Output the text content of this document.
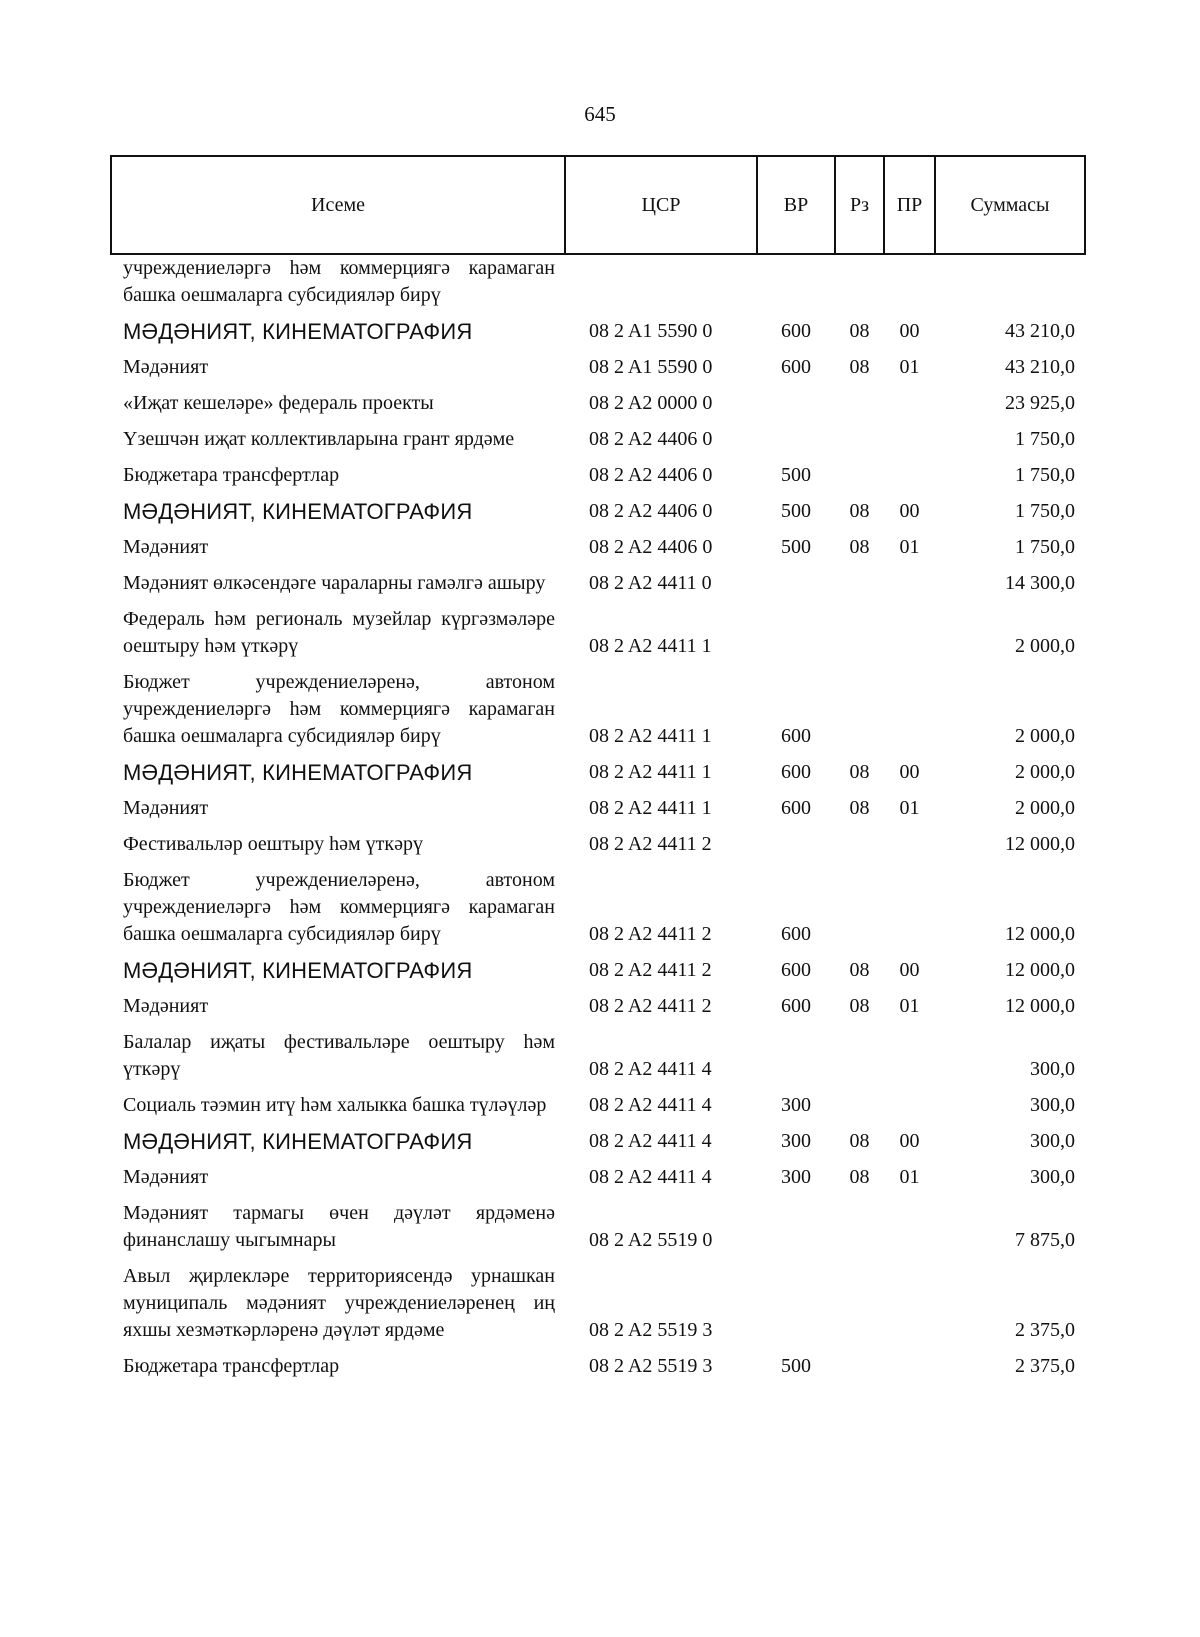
645
Исеме	ЦСР	ВР	Рз	ПР	Суммасы
учреждениеләргә һәм коммерциягә карамаган башка оешмаларга субсидияләр бирү					
МӘДӘНИЯТ, КИНЕМАТОГРАФИЯ	08 2 A1 5590 0	600	08	00	43 210,0
Мәдәният	08 2 A1 5590 0	600	08	01	43 210,0
«Иҗат кешеләре» федераль проекты	08 2 A2 0000 0				23 925,0
Үзешчән иҗат коллективларына грант ярдәме	08 2 A2 4406 0				1 750,0
Бюджетара трансфертлар	08 2 A2 4406 0	500			1 750,0
МӘДӘНИЯТ, КИНЕМАТОГРАФИЯ	08 2 A2 4406 0	500	08	00	1 750,0
Мәдәният	08 2 A2 4406 0	500	08	01	1 750,0
Мәдәният өлкәсендәге чараларны гамәлгә ашыру	08 2 A2 4411 0				14 300,0
Федераль һәм региональ музейлар күргәзмәләре оештыру һәм үткәрү	08 2 A2 4411 1				2 000,0
Бюджет учреждениеләренә, автоном учреждениеләргә һәм коммерциягә карамаган башка оешмаларга субсидияләр бирү	08 2 A2 4411 1	600			2 000,0
МӘДӘНИЯТ, КИНЕМАТОГРАФИЯ	08 2 A2 4411 1	600	08	00	2 000,0
Мәдәният	08 2 A2 4411 1	600	08	01	2 000,0
Фестивальләр оештыру һәм үткәрү	08 2 A2 4411 2				12 000,0
Бюджет учреждениеләренә, автоном учреждениеләргә һәм коммерциягә карамаган башка оешмаларга субсидияләр бирү	08 2 A2 4411 2	600			12 000,0
МӘДӘНИЯТ, КИНЕМАТОГРАФИЯ	08 2 A2 4411 2	600	08	00	12 000,0
Мәдәният	08 2 A2 4411 2	600	08	01	12 000,0
Балалар иҗаты фестивальләре оештыру һәм үткәрү	08 2 A2 4411 4				300,0
Социаль тәэмин итү һәм халыкка башка түләүләр	08 2 A2 4411 4	300			300,0
МӘДӘНИЯТ, КИНЕМАТОГРАФИЯ	08 2 A2 4411 4	300	08	00	300,0
Мәдәният	08 2 A2 4411 4	300	08	01	300,0
Мәдәният тармагы өчен дәүләт ярдәменә финанслашу чыгымнары	08 2 A2 5519 0				7 875,0
Авыл җирлекләре территориясендә урнашкан муниципаль мәдәният учреждениеләренең иң яхшы хезмәткәрләренә дәүләт ярдәме	08 2 A2 5519 3				2 375,0
Бюджетара трансфертлар	08 2 A2 5519 3	500			2 375,0
